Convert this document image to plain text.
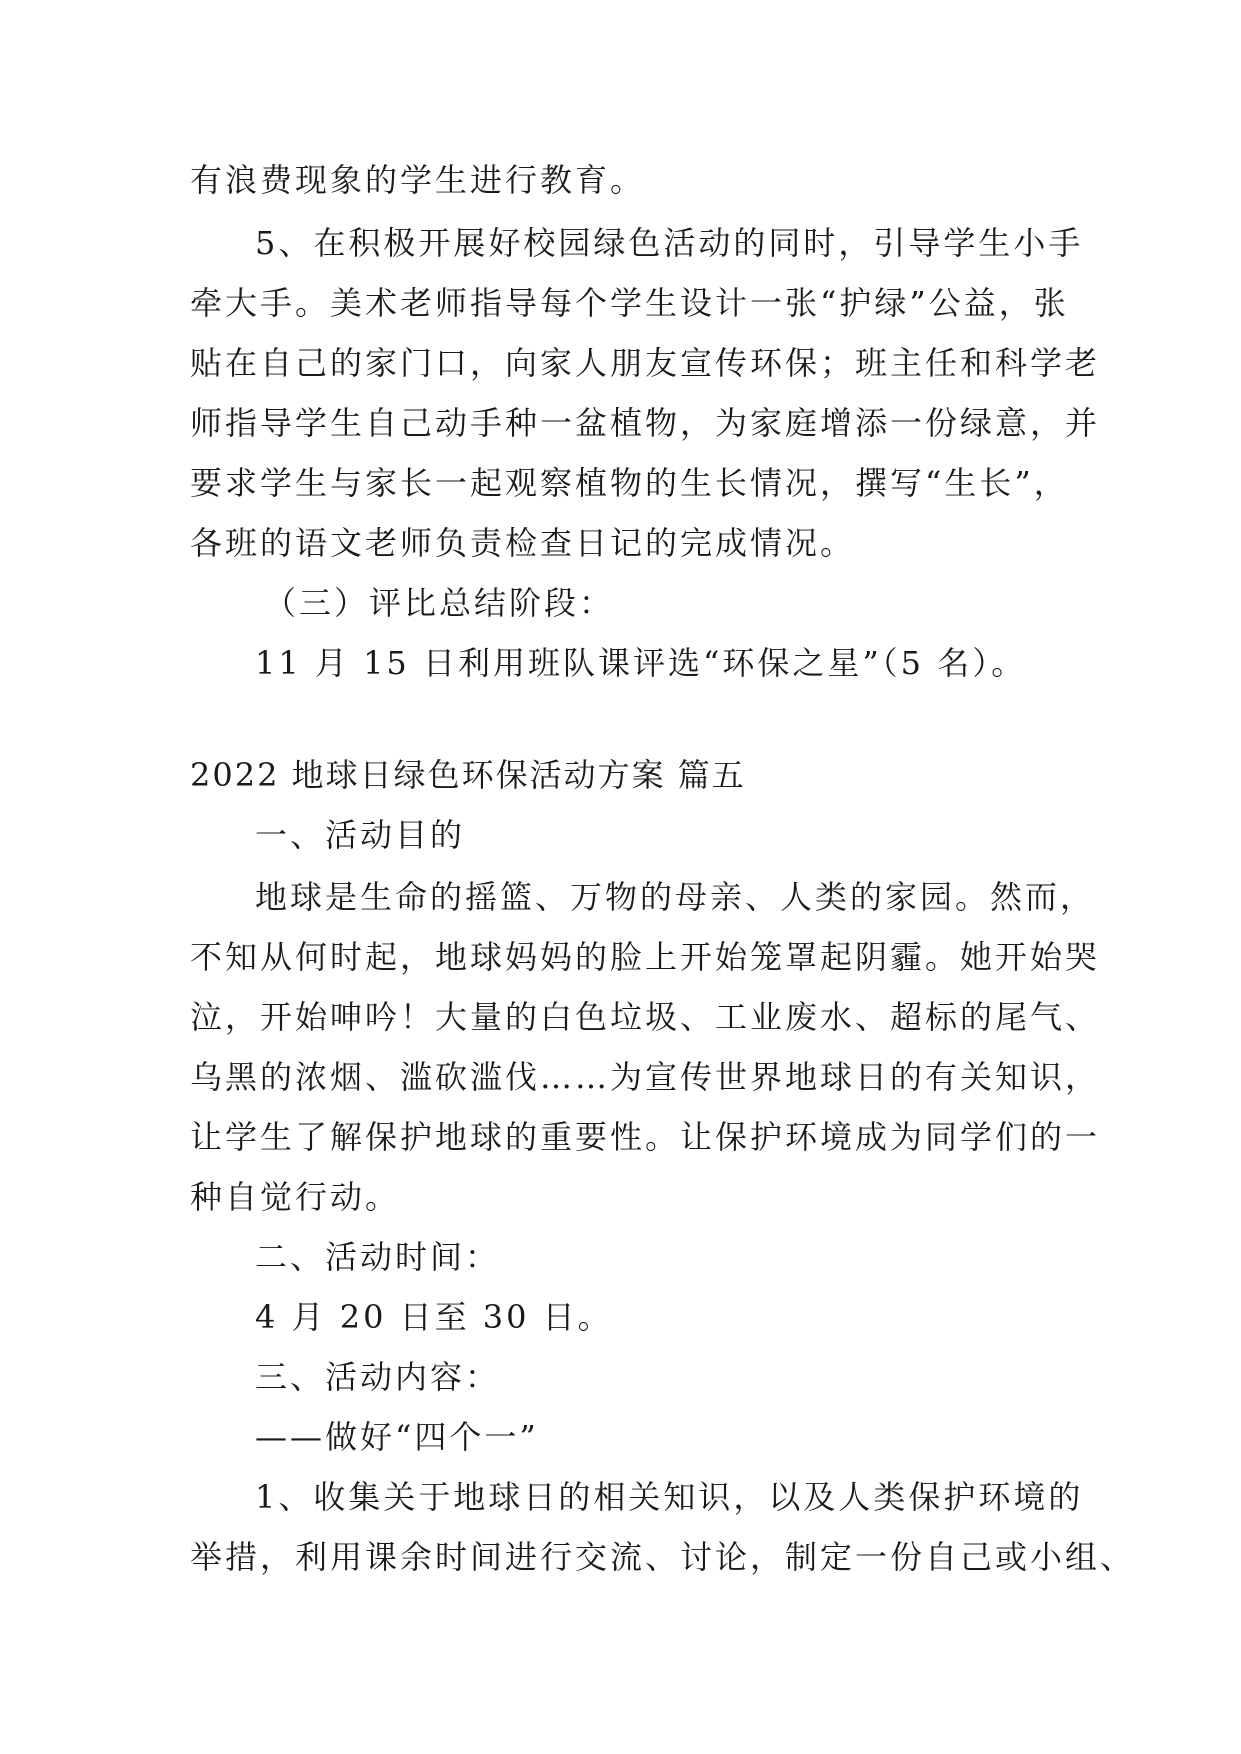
有浪费现象的学生进行教育。
5、在积极开展好校园绿色活动的同时，引导学生小手
牵大手。美术老师指导每个学生设计一张“护绿”公益，张
贴在自己的家门口，向家人朋友宣传环保；班主任和科学老
师指导学生自己动手种一盆植物，为家庭增添一份绿意，并
要求学生与家长一起观察植物的生长情况，撰写“生长”，
各班的语文老师负责检查日记的完成情况。
（三）评比总结阶段：
11 月 15 日利用班队课评选“环保之星”（5 名）。
2022 地球日绿色环保活动方案 篇五
一、活动目的
地球是生命的摇篮、万物的母亲、人类的家园。然而，
不知从何时起，地球妈妈的脸上开始笼罩起阴霾。她开始哭
泣，开始呻吟！大量的白色垃圾、工业废水、超标的尾气、
乌黑的浓烟、滥砍滥伐……为宣传世界地球日的有关知识，
让学生了解保护地球的重要性。让保护环境成为同学们的一
种自觉行动。
二、活动时间：
4 月 20 日至 30 日。
三、活动内容：
——做好“四个一”
1、收集关于地球日的相关知识，以及人类保护环境的
举措，利用课余时间进行交流、讨论，制定一份自己或小组、
